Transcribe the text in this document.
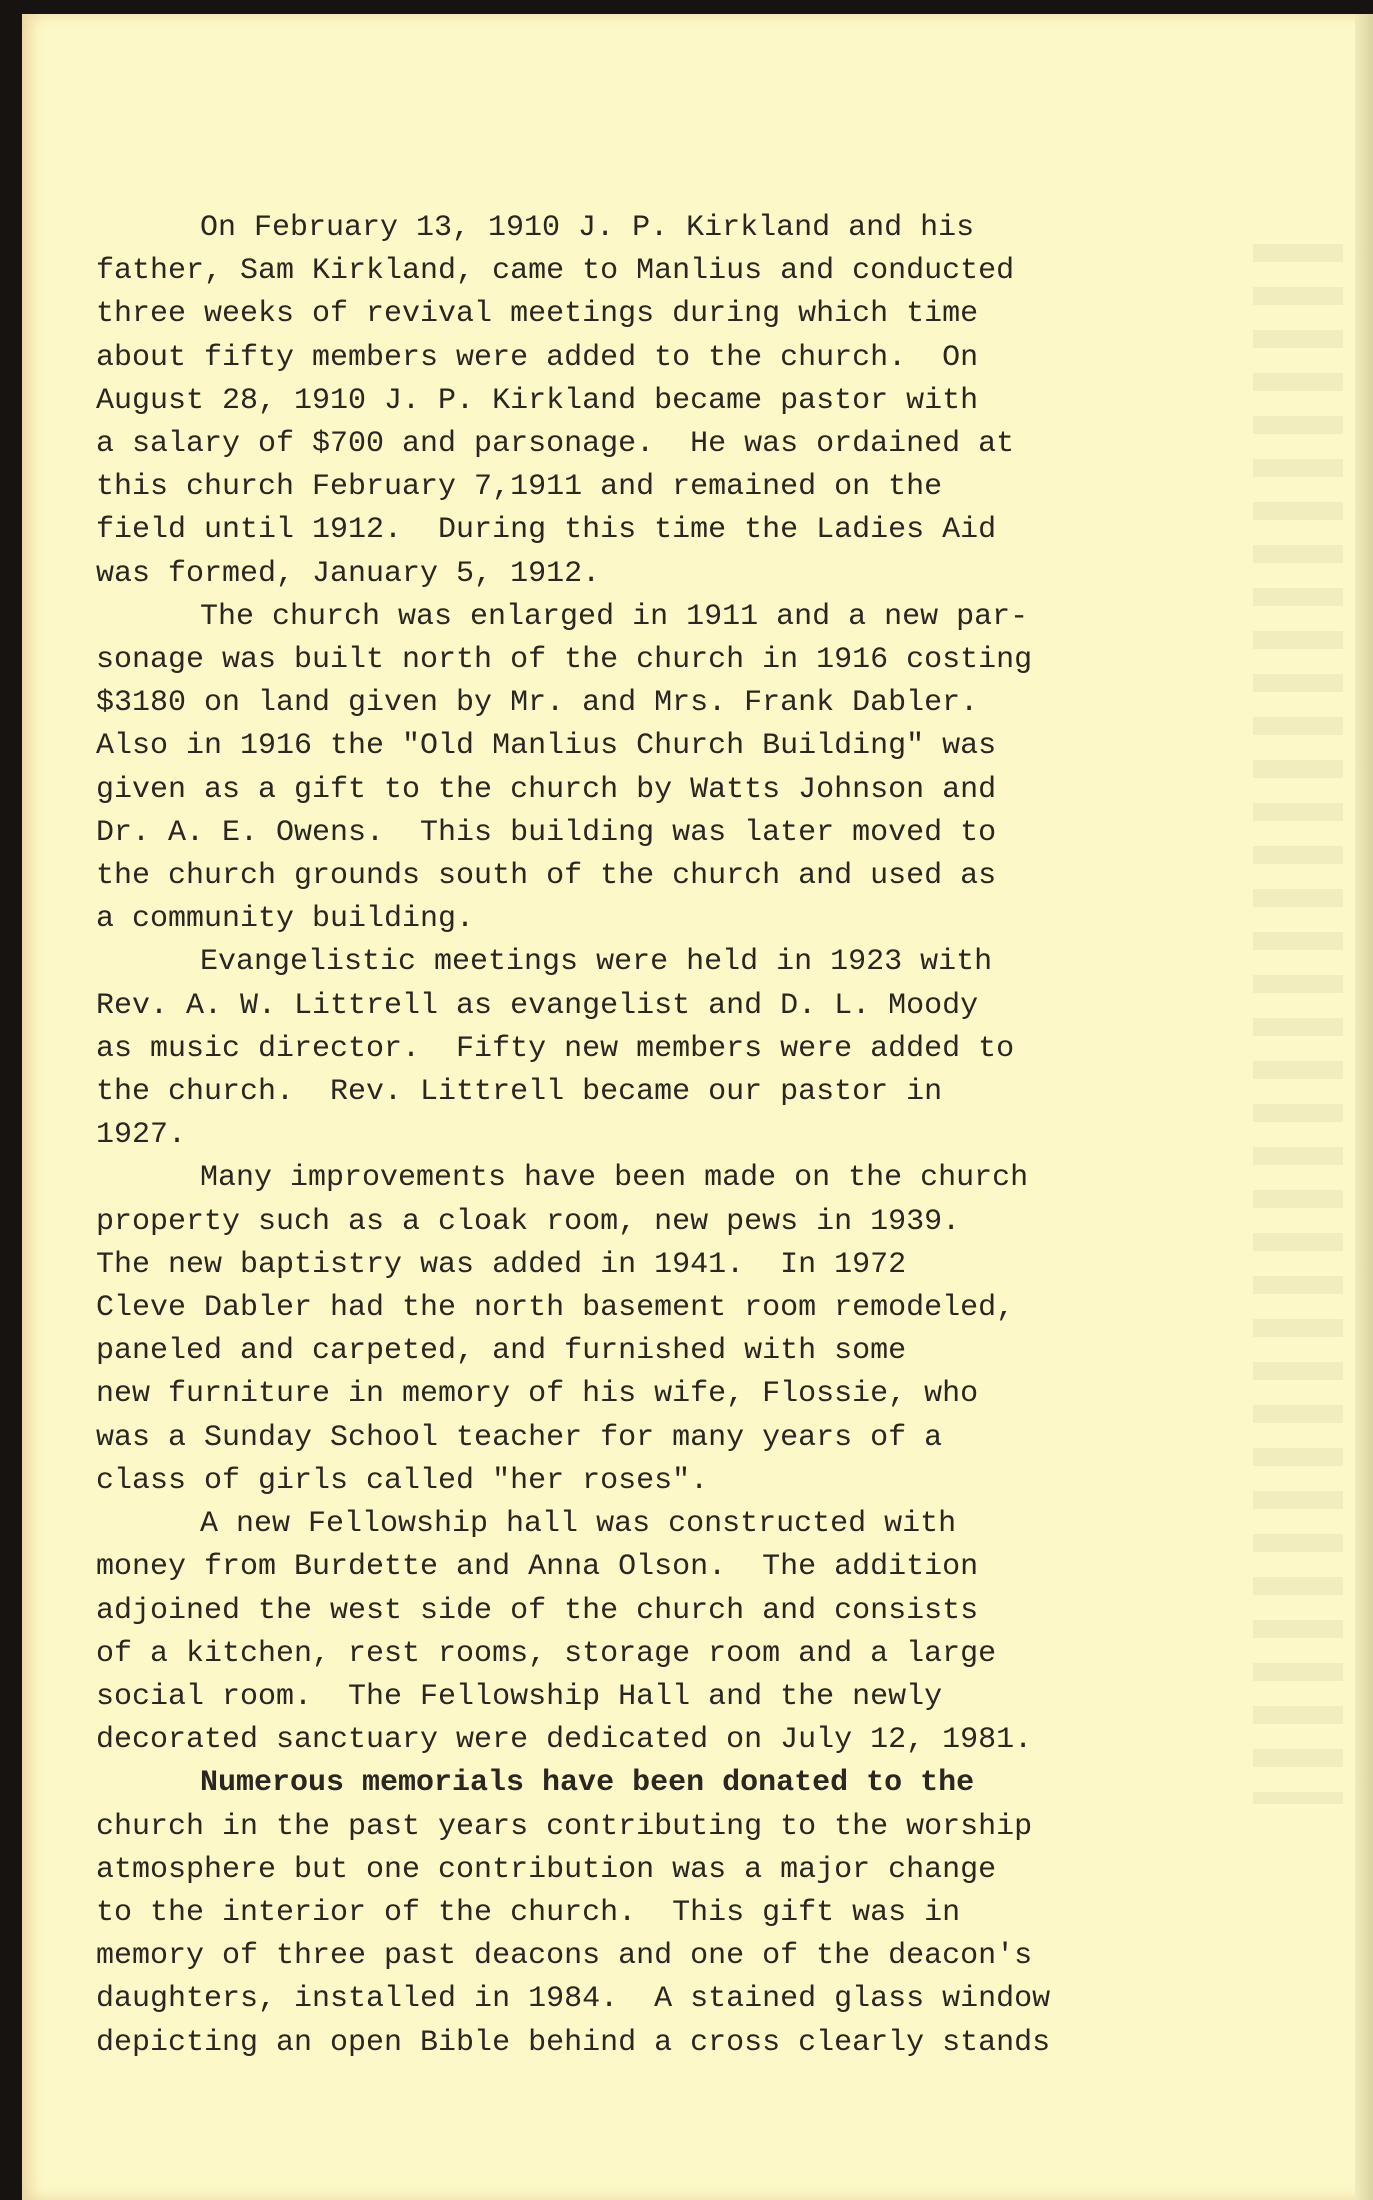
On February 13, 1910 J. P. Kirkland and his
father, Sam Kirkland, came to Manlius and conducted
three weeks of revival meetings during which time
about fifty members were added to the church.  On
August 28, 1910 J. P. Kirkland became pastor with
a salary of $700 and parsonage.  He was ordained at
this church February 7,1911 and remained on the
field until 1912.  During this time the Ladies Aid
was formed, January 5, 1912.
The church was enlarged in 1911 and a new par-
sonage was built north of the church in 1916 costing
$3180 on land given by Mr. and Mrs. Frank Dabler.
Also in 1916 the "Old Manlius Church Building" was
given as a gift to the church by Watts Johnson and
Dr. A. E. Owens.  This building was later moved to
the church grounds south of the church and used as
a community building.
Evangelistic meetings were held in 1923 with
Rev. A. W. Littrell as evangelist and D. L. Moody
as music director.  Fifty new members were added to
the church.  Rev. Littrell became our pastor in
1927.
Many improvements have been made on the church
property such as a cloak room, new pews in 1939.
The new baptistry was added in 1941.  In 1972
Cleve Dabler had the north basement room remodeled,
paneled and carpeted, and furnished with some
new furniture in memory of his wife, Flossie, who
was a Sunday School teacher for many years of a
class of girls called "her roses".
A new Fellowship hall was constructed with
money from Burdette and Anna Olson.  The addition
adjoined the west side of the church and consists
of a kitchen, rest rooms, storage room and a large
social room.  The Fellowship Hall and the newly
decorated sanctuary were dedicated on July 12, 1981.
Numerous memorials have been donated to the
church in the past years contributing to the worship
atmosphere but one contribution was a major change
to the interior of the church.  This gift was in
memory of three past deacons and one of the deacon's
daughters, installed in 1984.  A stained glass window
depicting an open Bible behind a cross clearly stands
